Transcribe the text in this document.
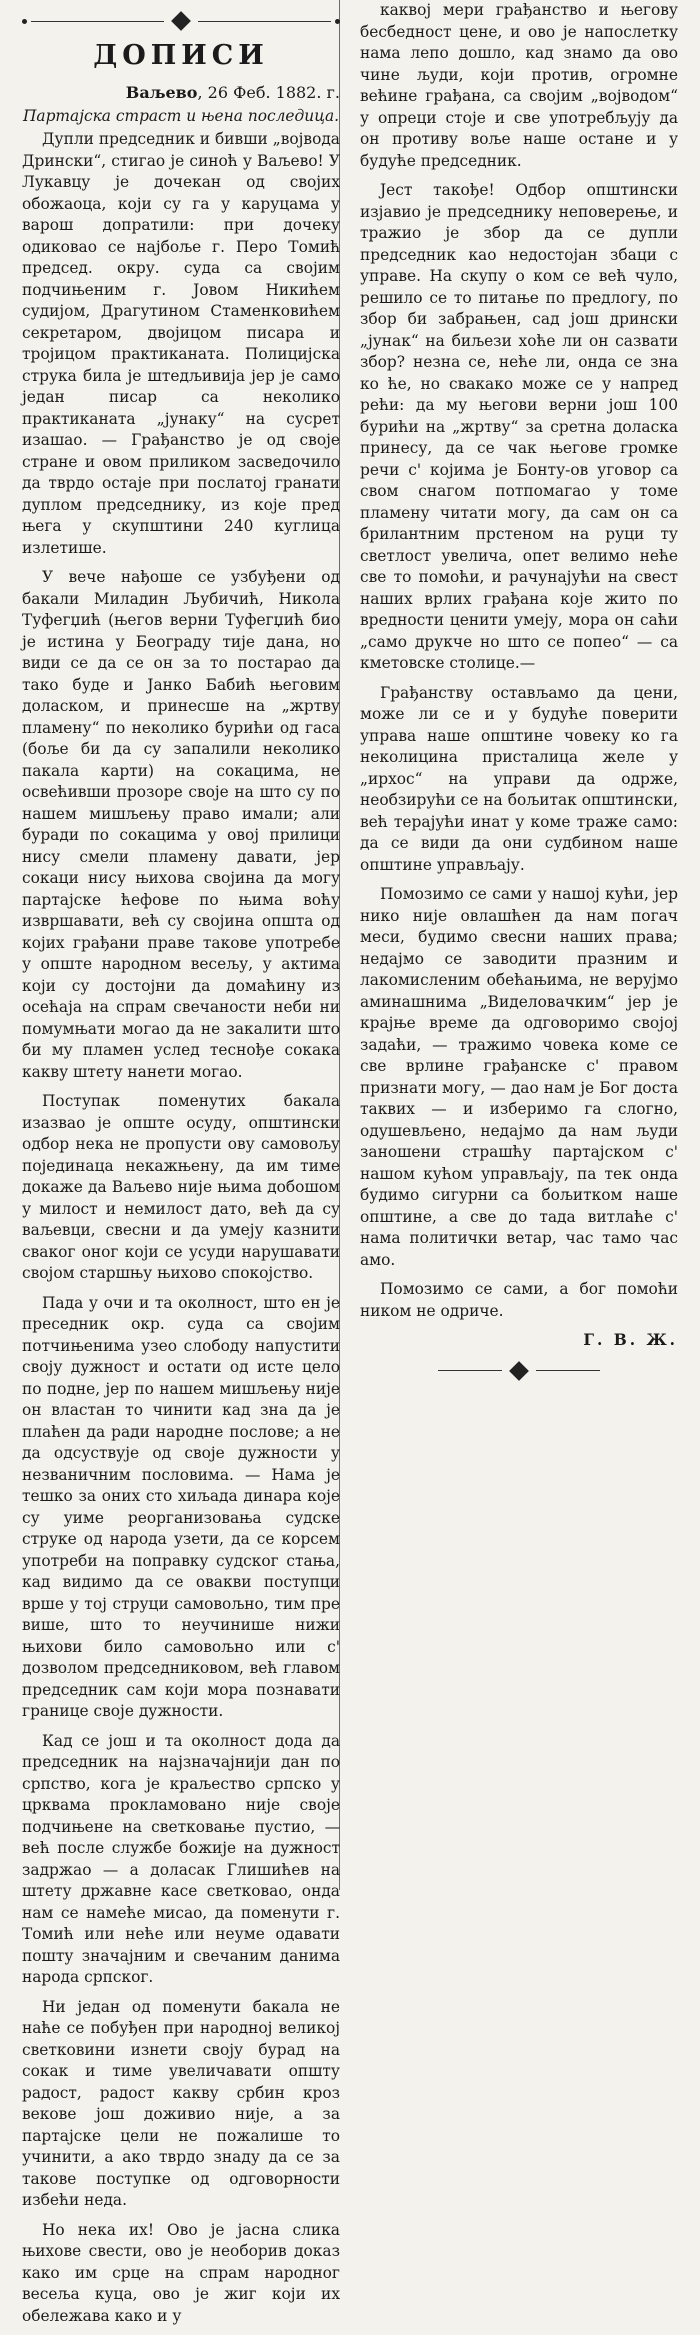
ДОПИСИ
Ваљево, 26 Феб. 1882. г.
Партајска страст и њена последица.

Дупли председник и бивши „војвода Дрински“, стигао је синоћ у Ваљево! У Лукавцу је дочекан од својих обожаоца, који су га у каруцама у варош допратили: при дочеку одиковао се најбоље г. Перо Томић председ. окру. суда са својим подчињеним г. Јовом Никићем судијом, Драгутином Стаменковићем секретаром, двојицом писара и тројицом практиканата. Полицијска струка била је штедљивија јер је само један писар са неколико практиканата „јунаку“ на сусрет изашао. — Грађанство је од своје стране и овом приликом засведочило да тврдо остаје при послатој гранати дуплом председнику, из које пред њега у скупштини 240 куглица излетише.

У вече нађоше се узбуђени од бакали Миладин Љубичић, Никола Туфегџић (његов верни Туфегџић био је истина у Београду тије дана, но види се да се он за то постарао да тако буде и Јанко Бабић његовим доласком, и принесше на „жртву пламену“ по неколико бурићи од гаса (боље би да су запалили неколико пакала карти) на сокацима, не освећивши прозоре своје на што су по нашем мишљењу право имали; али буради по сокацима у овој прилици нису смели пламену давати, јер сокаци нису њихова својина да могу партајске ћефове по њима воћу извршавати, већ су својина општа од којих грађани праве такове употребе у опште народном весељу, у актима који су достојни да домаћину из осећаја на спрам свечаности неби ни помумњати могао да не закалити што би му пламен услед теснође сокака какву штету нанети могао.

Поступак поменутих бакала изазвао је опште осуду, општински одбор нека не пропусти ову самовољу појединаца некажњену, да им тиме докаже да Ваљево није њима добошом у милост и немилост дато, већ да су ваљевци, свесни и да умеју казнити сваког оног који се усуди нарушавати својом старшњу њихово спокојство.

Пада у очи и та околност, што ен је пресeдник окр. суда са својим потчињенима узео слободу напустити своју дужност и остати од исте цело по подне, јер по нашем мишљењу није он властан то чинити кад зна да је плаћен да ради народне послове; а не да одсуствује од своје дужности у незваничним пословима. — Нама је тешко за оних сто хиљада динара које су уиме реорганизовања судске струке од народа узети, да се корсем употреби на поправку судског стања, кад видимо да се овакви поступци врше у тој струци самовољно, тим пре више, што то неучинише нижи њихови било самовољно или с' дозволом председниковом, већ главом председник сам који мора познавати границе своје дужности.

Кад се још и та околност дода да председник на најзначајнији дан по српство, кога је краљество српско у црквама прокламовано није своје подчињене на светковање пустио, — већ после службе божије на дужност задржао — а доласак Глишићев на штету државне касе светковао, онда нам се намеће мисао, да поменути г. Томић или неће или неуме одавати пошту значајним и свечаним данима народа српског.

Ни један од поменути бакала не наће се побуђен при народној великој светковини изнети своју бурад на сокак и тиме увеличавати општу радост, радост какву србин кроз векове још доживио није, а за партајске цели не пожалише то учинити, а ако тврдо знаду да се за такове поступке од одговорности избећи неда.

Но нека их! Ово је јасна слика њихове свести, ово је необорив доказ како им срце на спрам народног весеља куца, ово је жиг који их обележава како и у

каквој мери грађанство и његову бесбедност цене, и ово је напослетку нама лепо дошло, кад знамо да ово чине људи, који против, огромне већине грађана, са својим „војводом“ у опреци стоје и све употребљују да он противу воље наше остане и у будуће председник.

Јест такође! Одбор општински изјавио је председнику неповерење, и тражио је збор да се дупли председник као недостојан збаци с управе. На скупу о ком се већ чуло, решило се то питање по предлогу, по збор би забрањен, сад још дрински „јунак“ на биљези хоће ли он сазвати збор? незна се, неће ли, онда се зна ко ће, но свакако може се у напред рећи: да му његови верни још 100 бурићи на „жртву“ за сретна доласка принесу, да се чак његове громке речи с' којима је Бонту-ов уговор са свом снагом потпомагао у томе пламену читати могу, да сам он са брилантним прстеном на руци ту светлост увелича, опет велимо неће све то помоћи, и рачунајући на свест наших врлих грађана које жито по вредности ценити умеју, мора он саћи „само друкче но што се попео“ — са кметовске столице.—

Грађанству остављамо да цени, може ли се и у будуће поверити управа наше општине човеку ко га неколицина присталица желе у „ирхос“ на управи да одрже, необзирући се на бољитак општински, већ терајући инат у коме траже само: да се види да они судбином наше општине управљају.

Помозимо се сами у нашој кући, јер нико није овлашћен да нам погач меси, будимо свесни наших права; недајмо се заводити празним и лакомисленим обећањима, не верујмо аминашнима „Виделовачким“ јер је крајње време да одговоримо својој задаћи, — тражимо човека коме се све врлине грађанске с' правом признати могу, — дао нам је Бог доста таквих — и изберимо га слогно, одушевљено, недајмо да нам људи заношени страшћу партајском с' нашом кућом управљају, па тек онда будимо сигурни са бољитком наше општине, а све до тада витлаће с' нама политички ветар, час тамо час амо.

Помозимо се сами, а бог помоћи ником не одриче.

Г. В. Ж.
